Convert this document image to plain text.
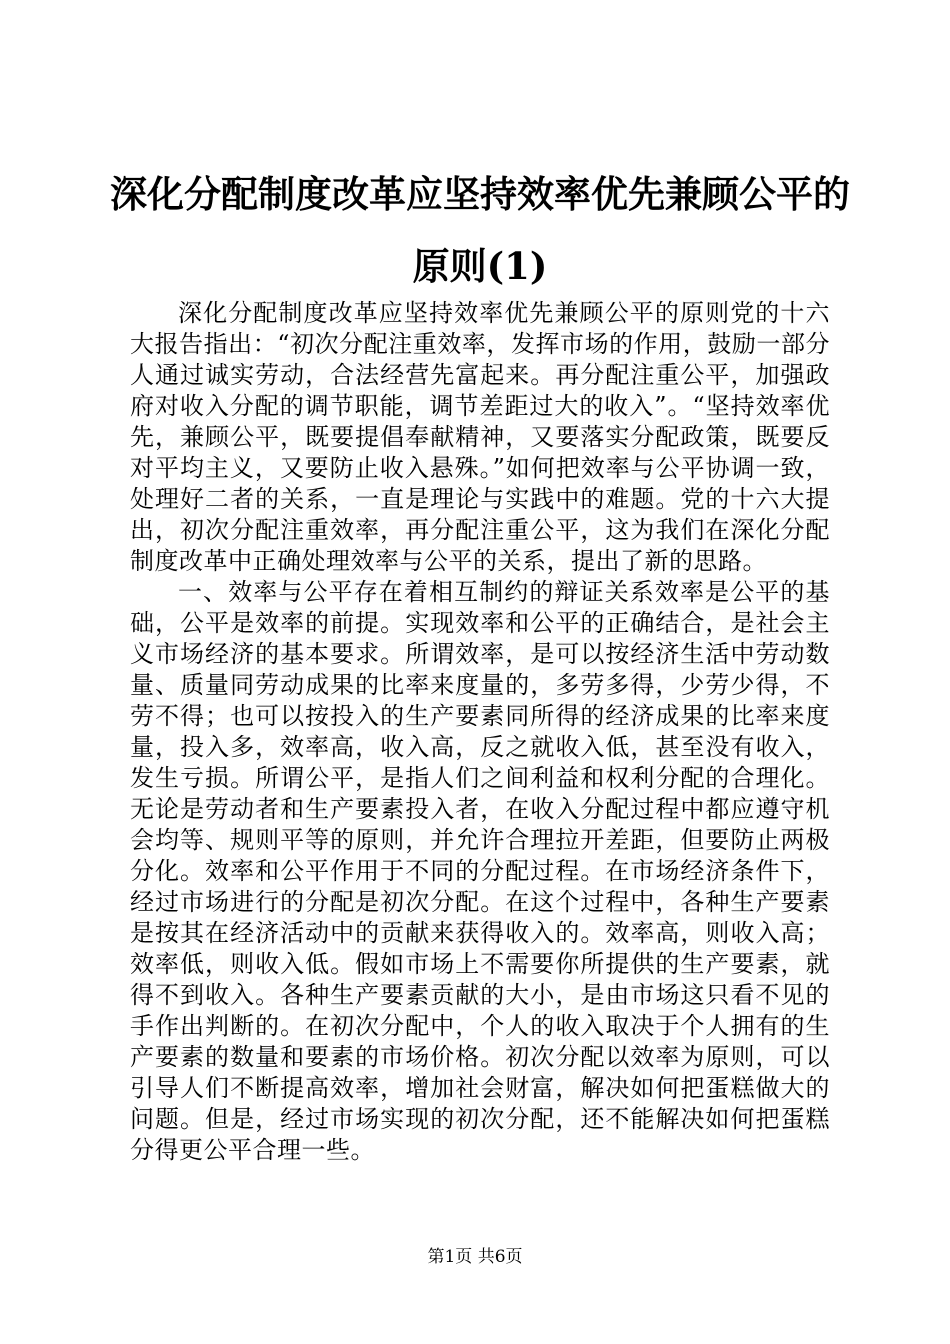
深化分配制度改革应坚持效率优先兼顾公平的原则(1)

深化分配制度改革应坚持效率优先兼顾公平的原则党的十六大报告指出：“初次分配注重效率，发挥市场的作用，鼓励一部分人通过诚实劳动，合法经营先富起来。再分配注重公平，加强政府对收入分配的调节职能，调节差距过大的收入”。“坚持效率优先，兼顾公平，既要提倡奉献精神，又要落实分配政策，既要反对平均主义，又要防止收入悬殊。”如何把效率与公平协调一致，处理好二者的关系，一直是理论与实践中的难题。党的十六大提出，初次分配注重效率，再分配注重公平，这为我们在深化分配制度改革中正确处理效率与公平的关系，提出了新的思路。

一、效率与公平存在着相互制约的辩证关系效率是公平的基础，公平是效率的前提。实现效率和公平的正确结合，是社会主义市场经济的基本要求。所谓效率，是可以按经济生活中劳动数量、质量同劳动成果的比率来度量的，多劳多得，少劳少得，不劳不得；也可以按投入的生产要素同所得的经济成果的比率来度量，投入多，效率高，收入高，反之就收入低，甚至没有收入，发生亏损。所谓公平，是指人们之间利益和权利分配的合理化。无论是劳动者和生产要素投入者，在收入分配过程中都应遵守机会均等、规则平等的原则，并允许合理拉开差距，但要防止两极分化。效率和公平作用于不同的分配过程。在市场经济条件下，经过市场进行的分配是初次分配。在这个过程中，各种生产要素是按其在经济活动中的贡献来获得收入的。效率高，则收入高；效率低，则收入低。假如市场上不需要你所提供的生产要素，就得不到收入。各种生产要素贡献的大小，是由市场这只看不见的手作出判断的。在初次分配中，个人的收入取决于个人拥有的生产要素的数量和要素的市场价格。初次分配以效率为原则，可以引导人们不断提高效率，增加社会财富，解决如何把蛋糕做大的问题。但是，经过市场实现的初次分配，还不能解决如何把蛋糕分得更公平合理一些。

第1页 共6页
